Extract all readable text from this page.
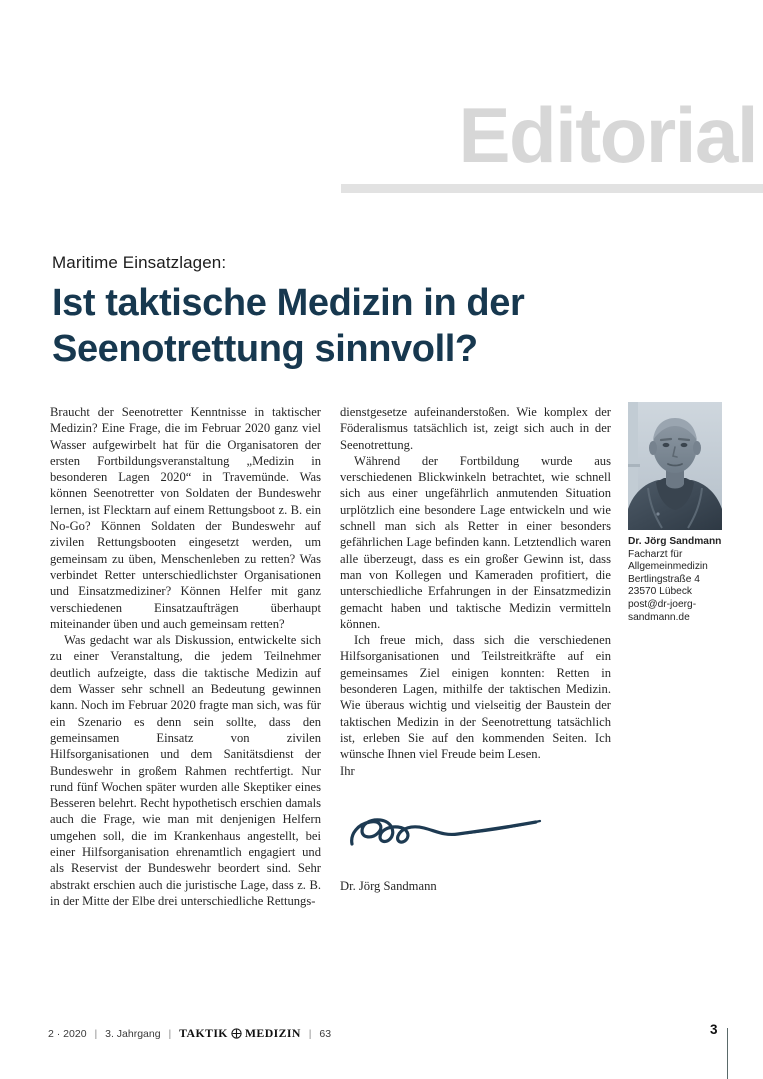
Editorial
Maritime Einsatzlagen:
Ist taktische Medizin in der
Seenotrettung sinnvoll?

Braucht der Seenotretter Kenntnisse in taktischer Medizin? Eine Frage, die im Februar 2020 ganz viel Wasser aufgewirbelt hat für die Organisatoren der ersten Fortbildungsveranstaltung „Medizin in besonderen Lagen 2020“ in Travemünde. Was können Seenotretter von Soldaten der Bundeswehr lernen, ist Flecktarn auf einem Rettungsboot z. B. ein No-Go? Können Soldaten der Bundeswehr auf zivilen Rettungsbooten eingesetzt werden, um gemeinsam zu üben, Menschenleben zu retten? Was verbindet Retter unterschiedlichster Organisationen und Einsatzmediziner? Können Helfer mit ganz verschiedenen Einsatzaufträgen überhaupt miteinander üben und auch gemeinsam retten?

Was gedacht war als Diskussion, entwickelte sich zu einer Veranstaltung, die jedem Teilnehmer deutlich aufzeigte, dass die taktische Medizin auf dem Wasser sehr schnell an Bedeutung gewinnen kann. Noch im Februar 2020 fragte man sich, was für ein Szenario es denn sein sollte, dass den gemeinsamen Einsatz von zivilen Hilfsorganisationen und dem Sanitätsdienst der Bundeswehr in großem Rahmen rechtfertigt. Nur rund fünf Wochen später wurden alle Skeptiker eines Besseren belehrt. Recht hypothetisch erschien damals auch die Frage, wie man mit denjenigen Helfern umgehen soll, die im Krankenhaus angestellt, bei einer Hilfsorganisation ehrenamtlich engagiert und als Reservist der Bundeswehr beordert sind. Sehr abstrakt erschien auch die juristische Lage, dass z. B. in der Mitte der Elbe drei unterschiedliche Rettungs-

dienstgesetze aufeinanderstoßen. Wie komplex der Föderalismus tatsächlich ist, zeigt sich auch in der Seenotrettung.

Während der Fortbildung wurde aus verschiedenen Blickwinkeln betrachtet, wie schnell sich aus einer ungefährlich anmutenden Situation urplötzlich eine besondere Lage entwickeln und wie schnell man sich als Retter in einer besonders gefährlichen Lage befinden kann. Letztendlich waren alle überzeugt, dass es ein großer Gewinn ist, dass man von Kollegen und Kameraden profitiert, die unterschiedliche Erfahrungen in der Einsatzmedizin gemacht haben und taktische Medizin vermitteln können.

Ich freue mich, dass sich die verschiedenen Hilfsorganisationen und Teilstreitkräfte auf ein gemeinsames Ziel einigen konnten: Retten in besonderen Lagen, mithilfe der taktischen Medizin. Wie überaus wichtig und vielseitig der Baustein der taktischen Medizin in der Seenotrettung tatsächlich ist, erleben Sie auf den kommenden Seiten. Ich wünsche Ihnen viel Freude beim Lesen.

Ihr

Dr. Jörg Sandmann
Dr. Jörg Sandmann
Facharzt für
Allgemeinmedizin
Bertlingstraße 4
23570 Lübeck
post@dr-joerg-
sandmann.de
2 · 2020 | 3. Jahrgang | TAKTIK MEDIZIN | 63	3
